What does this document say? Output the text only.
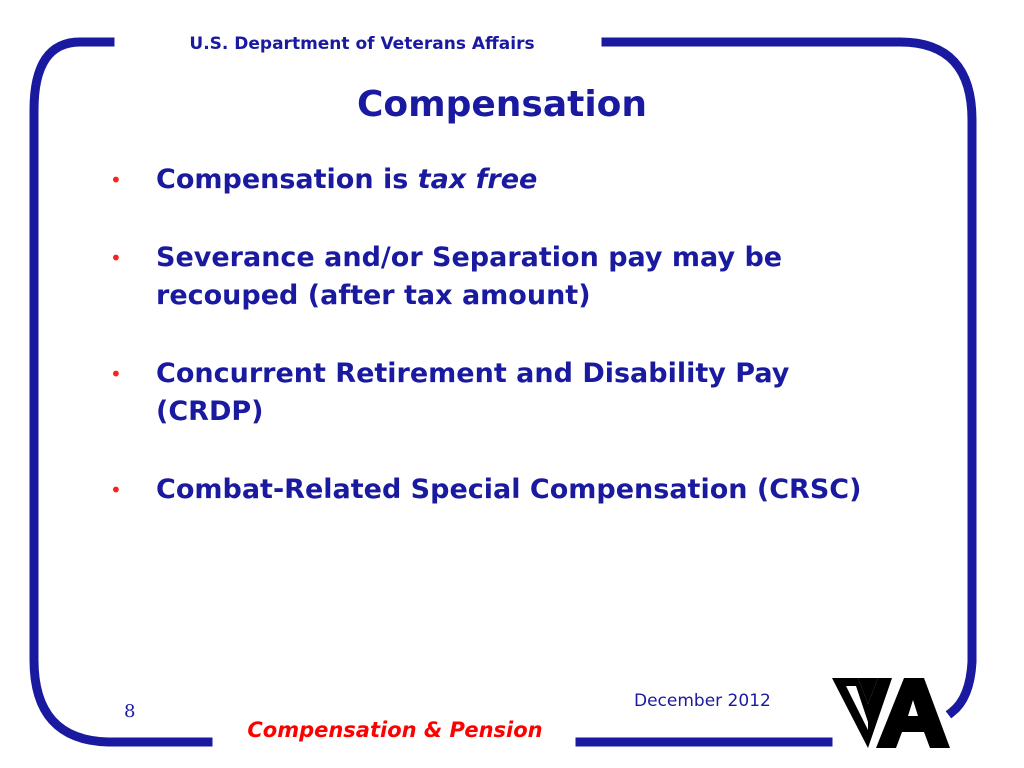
U.S. Department of Veterans Affairs
Compensation
• Compensation is tax free
• Severance and/or Separation pay may be recouped (after tax amount)
• Concurrent Retirement and Disability Pay (CRDP)
• Combat-Related Special Compensation (CRSC)
8	December 2012
Compensation & Pension
